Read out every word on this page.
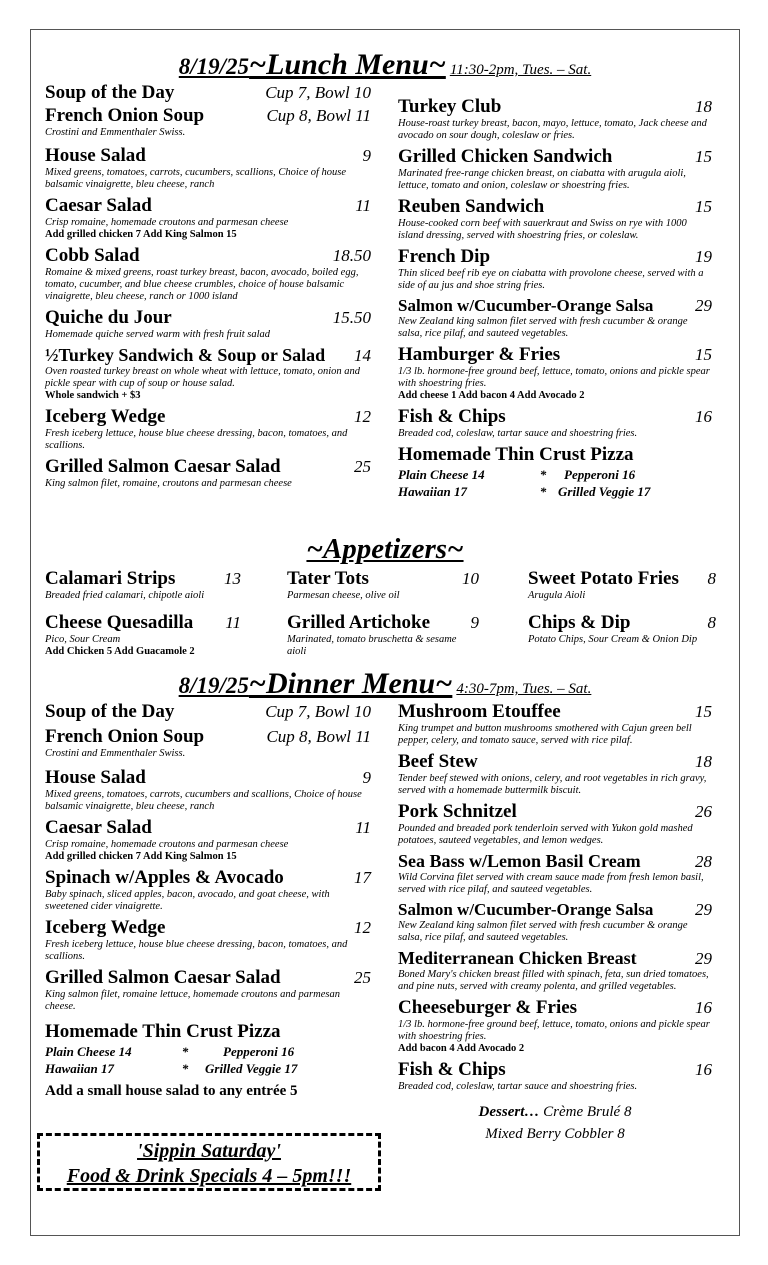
8/19/25~Lunch Menu~ 11:30-2pm, Tues. – Sat.
Soup of the Day	Cup 7, Bowl 10
French Onion Soup	Cup 8, Bowl 11
Crostini and Emmenthaler Swiss.
House Salad	9
Mixed greens, tomatoes, carrots, cucumbers, scallions, Choice of house balsamic vinaigrette, bleu cheese, ranch
Caesar Salad	11
Crisp romaine, homemade croutons and parmesan cheese
Add grilled chicken 7 Add King Salmon 15
Cobb Salad	18.50
Romaine & mixed greens, roast turkey breast, bacon, avocado, boiled egg, tomato, cucumber, and blue cheese crumbles, choice of house balsamic vinaigrette, bleu cheese, ranch or 1000 island
Quiche du Jour	15.50
Homemade quiche served warm with fresh fruit salad
½Turkey Sandwich & Soup or Salad 14
Oven roasted turkey breast on whole wheat with lettuce, tomato, onion and pickle spear with cup of soup or house salad.
Whole sandwich + $3
Iceberg Wedge	12
Fresh iceberg lettuce, house blue cheese dressing, bacon, tomatoes, and scallions.
Grilled Salmon Caesar Salad	25
King salmon filet, romaine, croutons and parmesan cheese
Turkey Club	18
House-roast turkey breast, bacon, mayo, lettuce, tomato, Jack cheese and avocado on sour dough, coleslaw or fries.
Grilled Chicken Sandwich	15
Marinated free-range chicken breast, on ciabatta with arugula aioli, lettuce, tomato and onion, coleslaw or shoestring fries.
Reuben Sandwich	15
House-cooked corn beef with sauerkraut and Swiss on rye with 1000 island dressing, served with shoestring fries, or coleslaw.
French Dip	19
Thin sliced beef rib eye on ciabatta with provolone cheese, served with a side of au jus and shoe string fries.
Salmon w/Cucumber-Orange Salsa 29
New Zealand king salmon filet served with fresh cucumber & orange salsa, rice pilaf, and sauteed vegetables.
Hamburger & Fries	15
1/3 lb. hormone-free ground beef, lettuce, tomato, onions and pickle spear with shoestring fries.
Add cheese 1 Add bacon 4 Add Avocado 2
Fish & Chips	16
Breaded cod, coleslaw, tartar sauce and shoestring fries.
Homemade Thin Crust Pizza
Plain Cheese 14	*	Pepperoni 16
Hawaiian 17	* Grilled Veggie 17
~Appetizers~
Calamari Strips	13
Breaded fried calamari, chipotle aioli
Cheese Quesadilla 11
Pico, Sour Cream
Add Chicken 5 Add Guacamole 2
Tater Tots	10
Parmesan cheese, olive oil
Grilled Artichoke 9
Marinated, tomato bruschetta & sesame aioli
Sweet Potato Fries 8
Arugula Aioli
Chips & Dip	8
Potato Chips, Sour Cream & Onion Dip
8/19/25~Dinner Menu~ 4:30-7pm, Tues. – Sat.
Soup of the Day	Cup 7, Bowl 10
French Onion Soup	Cup 8, Bowl 11
Crostini and Emmenthaler Swiss.
House Salad	9
Mixed greens, tomatoes, carrots, cucumbers and scallions, Choice of house balsamic vinaigrette, bleu cheese, ranch
Caesar Salad	11
Crisp romaine, homemade croutons and parmesan cheese
Add grilled chicken 7 Add King Salmon 15
Spinach w/Apples & Avocado	17
Baby spinach, sliced apples, bacon, avocado, and goat cheese, with sweetened cider vinaigrette.
Iceberg Wedge	12
Fresh iceberg lettuce, house blue cheese dressing, bacon, tomatoes, and scallions.
Grilled Salmon Caesar Salad	25
King salmon filet, romaine lettuce, homemade croutons and parmesan cheese.
Homemade Thin Crust Pizza
Plain Cheese 14	*	Pepperoni 16
Hawaiian 17	*	Grilled Veggie 17
Add a small house salad to any entrée 5
'Sippin Saturday'
Food & Drink Specials 4 – 5pm!!!
Mushroom Etouffee	15
King trumpet and button mushrooms smothered with Cajun green bell pepper, celery, and tomato sauce, served with rice pilaf.
Beef Stew	18
Tender beef stewed with onions, celery, and root vegetables in rich gravy, served with a homemade buttermilk biscuit.
Pork Schnitzel	26
Pounded and breaded pork tenderloin served with Yukon gold mashed potatoes, sauteed vegetables, and lemon wedges.
Sea Bass w/Lemon Basil Cream	28
Wild Corvina filet served with cream sauce made from fresh lemon basil, served with rice pilaf, and sauteed vegetables.
Salmon w/Cucumber-Orange Salsa 29
New Zealand king salmon filet served with fresh cucumber & orange salsa, rice pilaf, and sauteed vegetables.
Mediterranean Chicken Breast	29
Boned Mary's chicken breast filled with spinach, feta, sun dried tomatoes, and pine nuts, served with creamy polenta, and grilled vegetables.
Cheeseburger & Fries	16
1/3 lb. hormone-free ground beef, lettuce, tomato, onions and pickle spear with shoestring fries.
Add bacon 4 Add Avocado 2
Fish & Chips	16
Breaded cod, coleslaw, tartar sauce and shoestring fries.
Dessert… Crème Brulé 8
Mixed Berry Cobbler 8
